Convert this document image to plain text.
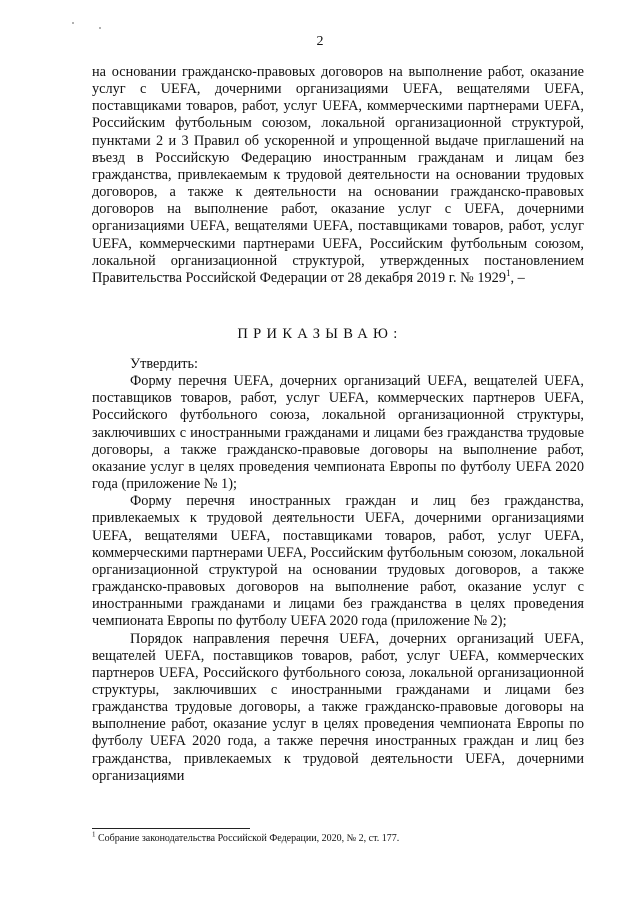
2

на основании гражданско-правовых договоров на выполнение работ, оказание услуг с UEFA, дочерними организациями UEFA, вещателями UEFA, поставщиками товаров, работ, услуг UEFA, коммерческими партнерами UEFA, Российским футбольным союзом, локальной организационной структурой, пунктами 2 и 3 Правил об ускоренной и упрощенной выдаче приглашений на въезд в Российскую Федерацию иностранным гражданам и лицам без гражданства, привлекаемым к трудовой деятельности на основании трудовых договоров, а также к деятельности на основании гражданско-правовых договоров на выполнение работ, оказание услуг с UEFA, дочерними организациями UEFA, вещателями UEFA, поставщиками товаров, работ, услуг UEFA, коммерческими партнерами UEFA, Российским футбольным союзом, локальной организационной структурой, утвержденных постановлением Правительства Российской Федерации от 28 декабря 2019 г. № 1929$^1$, –

ПРИКАЗЫВАЮ:

Утвердить:

Форму перечня UEFA, дочерних организаций UEFA, вещателей UEFA, поставщиков товаров, работ, услуг UEFA, коммерческих партнеров UEFA, Российского футбольного союза, локальной организационной структуры, заключивших с иностранными гражданами и лицами без гражданства трудовые договоры, а также гражданско-правовые договоры на выполнение работ, оказание услуг в целях проведения чемпионата Европы по футболу UEFA 2020 года (приложение № 1);

Форму перечня иностранных граждан и лиц без гражданства, привлекаемых к трудовой деятельности UEFA, дочерними организациями UEFA, вещателями UEFA, поставщиками товаров, работ, услуг UEFA, коммерческими партнерами UEFA, Российским футбольным союзом, локальной организационной структурой на основании трудовых договоров, а также гражданско-правовых договоров на выполнение работ, оказание услуг с иностранными гражданами и лицами без гражданства в целях проведения чемпионата Европы по футболу UEFA 2020 года (приложение № 2);

Порядок направления перечня UEFA, дочерних организаций UEFA, вещателей UEFA, поставщиков товаров, работ, услуг UEFA, коммерческих партнеров UEFA, Российского футбольного союза, локальной организационной структуры, заключивших с иностранными гражданами и лицами без гражданства трудовые договоры, а также гражданско-правовые договоры на выполнение работ, оказание услуг в целях проведения чемпионата Европы по футболу UEFA 2020 года, а также перечня иностранных граждан и лиц без гражданства, привлекаемых к трудовой деятельности UEFA, дочерними организациями

$^1$ Собрание законодательства Российской Федерации, 2020, № 2, ст. 177.
